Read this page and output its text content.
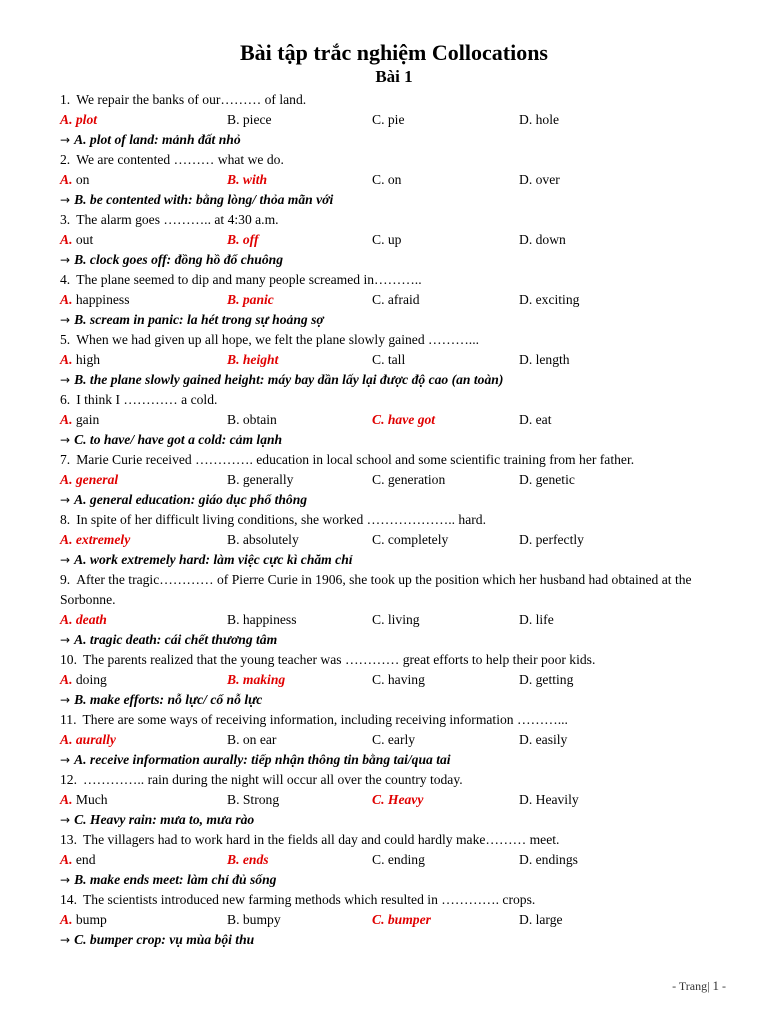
Bài tập trắc nghiệm Collocations
Bài 1
1. We repair the banks of our……… of land.
A. plot	B. piece	C. pie	D. hole
→ A. plot of land: mảnh đất nhỏ
2. We are contented ……… what we do.
A. on	B. with	C. on	D. over
→ B. be contented with: bằng lòng/ thỏa mãn với
3. The alarm goes ……….. at 4:30 a.m.
A. out	B. off	C. up	D. down
→ B. clock goes off: đồng hồ đổ chuông
4. The plane seemed to dip and many people screamed in………..
A. happiness	B. panic	C. afraid	D. exciting
→ B. scream in panic: la hét trong sự hoảng sợ
5. When we had given up all hope, we felt the plane slowly gained ………...
A. high	B. height	C. tall	D. length
→ B. the plane slowly gained height: máy bay dần lấy lại được độ cao (an toàn)
6. I think I ………… a cold.
A. gain	B. obtain	C. have got	D. eat
→ C. to have/ have got a cold: cảm lạnh
7. Marie Curie received …………. education in local school and some scientific training from her father.
A. general	B. generally	C. generation	D. genetic
→ A. general education: giáo dục phổ thông
8. In spite of her difficult living conditions, she worked ……………….. hard.
A. extremely	B. absolutely	C. completely	D. perfectly
→ A. work extremely hard: làm việc cực kì chăm chỉ
9. After the tragic………… of Pierre Curie in 1906, she took up the position which her husband had obtained at the Sorbonne.
A. death	B. happiness	C. living	D. life
→ A. tragic death: cái chết thương tâm
10. The parents realized that the young teacher was ………… great efforts to help their poor kids.
A. doing	B. making	C. having	D. getting
→ B. make efforts: nỗ lực/ cố nỗ lực
11. There are some ways of receiving information, including receiving information ………...
A. aurally	B. on ear	C. early	D. easily
→ A. receive information aurally: tiếp nhận thông tin bằng tai/qua tai
12. ………….. rain during the night will occur all over the country today.
A. Much	B. Strong	C. Heavy	D. Heavily
→ C. Heavy rain: mưa to, mưa rào
13. The villagers had to work hard in the fields all day and could hardly make……… meet.
A. end	B. ends	C. ending	D. endings
→ B. make ends meet: làm chỉ đủ sống
14. The scientists introduced new farming methods which resulted in …………. crops.
A. bump	B. bumpy	C. bumper	D. large
→ C. bumper crop: vụ mùa bội thu
- Trang| 1 -
